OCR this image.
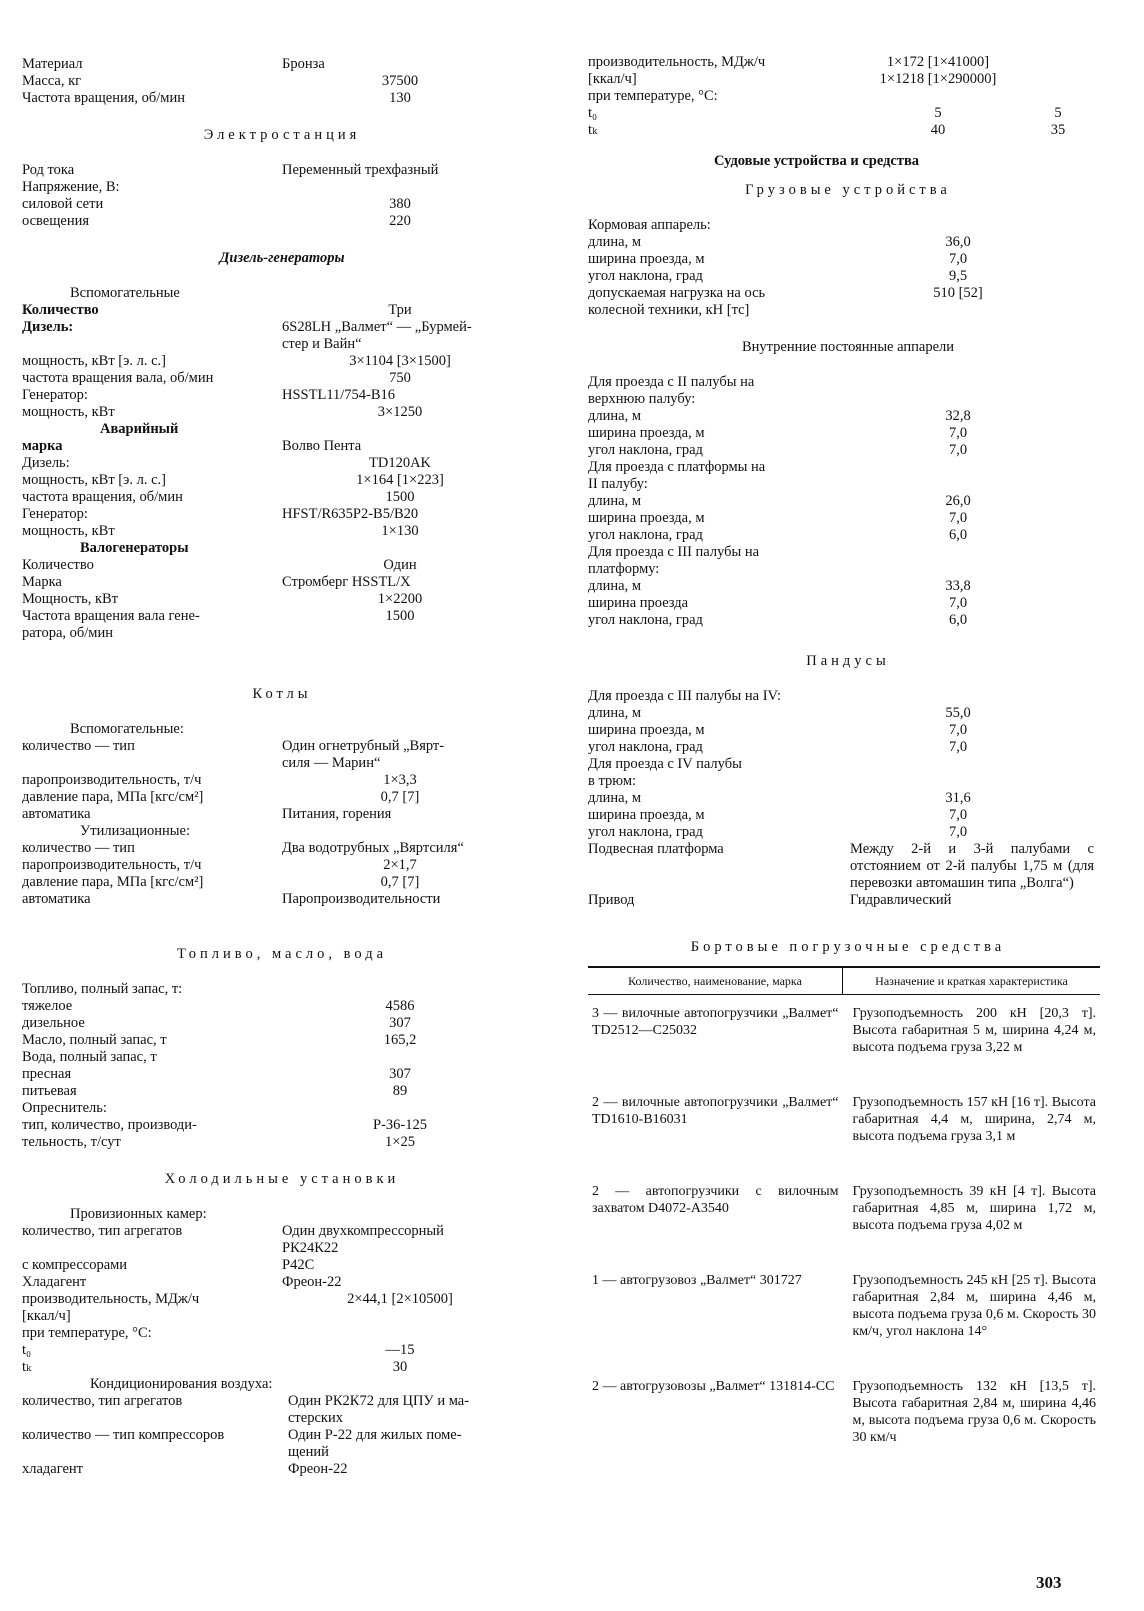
Материал	Бронза
Масса, кг	37500
Частота вращения, об/мин	130
Электростанция
Род тока	Переменный трехфазный
Напряжение, В:
силовой сети	380
освещения	220
Дизель-генераторы
Вспомогательные
Количество	Три
Дизель:	6S28LH „Валмет“ — „Бурмей-
стер и Вайн“
мощность, кВт [э. л. с.]	3×1104 [3×1500]
частота вращения вала, об/мин	750
Генератор:	HSSTL11/754-B16
мощность, кВт	3×1250
Аварийный
марка	Волво Пента
Дизель:	TD120AK
мощность, кВт [э. л. с.]	1×164 [1×223]
частота вращения, об/мин	1500
Генератор:	HFST/R635P2-B5/B20
мощность, кВт	1×130
Валогенераторы
Количество	Один
Марка	Стромберг HSSTL/X
Мощность, кВт	1×2200
Частота вращения вала гене-	1500
ратора, об/мин
Котлы
Вспомогательные:
количество — тип	Один огнетрубный „Вярт-
силя — Марин“
паропроизводительность, т/ч	1×3,3
давление пара, МПа [кгс/см²]	0,7 [7]
автоматика	Питания, горения
Утилизационные:
количество — тип	Два водотрубных „Вяртсиля“
паропроизводительность, т/ч	2×1,7
давление пара, МПа [кгс/см²]	0,7 [7]
автоматика	Паропроизводительности
Топливо, масло, вода
Топливо, полный запас, т:
тяжелое	4586
дизельное	307
Масло, полный запас, т	165,2
Вода, полный запас, т
пресная	307
питьевая	89
Опреснитель:
тип, количество, производи-	Р-36-125
тельность, т/сут	1×25
Холодильные установки
Провизионных камер:
количество, тип агрегатов	Один двухкомпрессорный
РК24К22
с компрессорами	Р42С
Хладагент	Фреон-22
производительность, МДж/ч	2×44,1 [2×10500]
[ккал/ч]
при температуре, °С:
t₀	—15
tₖ	30
Кондиционирования воздуха:
количество, тип агрегатов	Один РК2К72 для ЦПУ и ма-
стерских
количество — тип компрессоров	Один Р-22 для жилых поме-
щений
хладагент	Фреон-22
производительность, МДж/ч	1×172 [1×41000]
[ккал/ч]	1×1218 [1×290000]
при температуре, °С:
t₀	5	5
tₖ	40	35
Судовые устройства и средства
Грузовые устройства
Кормовая аппарель:
длина, м	36,0
ширина проезда, м	7,0
угол наклона, град	9,5
допускаемая нагрузка на ось	510 [52]
колесной техники, кН [тс]
Внутренние постоянные аппарели
Для проезда с II палубы на
верхнюю палубу:
длина, м	32,8
ширина проезда, м	7,0
угол наклона, град	7,0
Для проезда с платформы на
II палубу:
длина, м	26,0
ширина проезда, м	7,0
угол наклона, град	6,0
Для проезда с III палубы на
платформу:
длина, м	33,8
ширина проезда	7,0
угол наклона, град	6,0
Пандусы
Для проезда с III палубы на IV:
длина, м	55,0
ширина проезда, м	7,0
угол наклона, град	7,0
Для проезда с IV палубы
в трюм:
длина, м	31,6
ширина проезда, м	7,0
угол наклона, град	7,0
Подвесная платформа	Между 2-й и 3-й палубами с отстоянием от 2-й палубы 1,75 м (для перевозки автомашин типа „Волга“)
Привод	Гидравлический
Бортовые погрузочные средства
Количество, наименование, марка	Назначение и краткая характеристика
3 — вилочные автопогрузчики „Валмет“ TD2512—C25032	Грузоподъемность 200 кН [20,3 т]. Высота габаритная 5 м, ширина 4,24 м, высота подъема груза 3,22 м
2 — вилочные автопогрузчики „Валмет“ TD1610-B16031	Грузоподъемность 157 кН [16 т]. Высота габаритная 4,4 м, ширина, 2,74 м, высота подъема груза 3,1 м
2 — автопогрузчики с вилочным захватом D4072-A3540	Грузоподъемность 39 кН [4 т]. Высота габаритная 4,85 м, ширина 1,72 м, высота подъема груза 4,02 м
1 — автогрузовоз „Валмет“ 301727	Грузоподъемность 245 кН [25 т]. Высота габаритная 2,84 м, ширина 4,46 м, высота подъема груза 0,6 м. Скорость 30 км/ч, угол наклона 14°
2 — автогрузовозы „Валмет“ 131814-CC	Грузоподъемность 132 кН [13,5 т]. Высота габаритная 2,84 м, ширина 4,46 м, высота подъема груза 0,6 м. Скорость 30 км/ч
303
